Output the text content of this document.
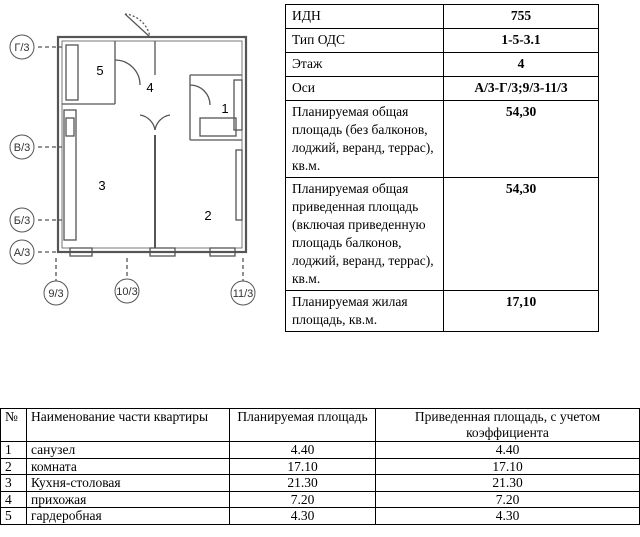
Г/3
В/3
Б/3
А/3
9/3	10/3	11/3
1
2
3
4
5
ИДН	755
Тип ОДС	1-5-3.1
Этаж	4
Оси	А/3-Г/3;9/3-11/3
Планируемая общая площадь (без балконов, лоджий, веранд, террас), кв.м.	54,30
Планируемая общая приведенная площадь (включая приведенную площадь балконов, лоджий, веранд, террас), кв.м.	54,30
Планируемая жилая площадь, кв.м.	17,10
№	Наименование части квартиры	Планируемая площадь	Приведенная площадь, с учетом коэффициента
1	санузел	4.40	4.40
2	комната	17.10	17.10
3	Кухня-столовая	21.30	21.30
4	прихожая	7.20	7.20
5	гардеробная	4.30	4.30
